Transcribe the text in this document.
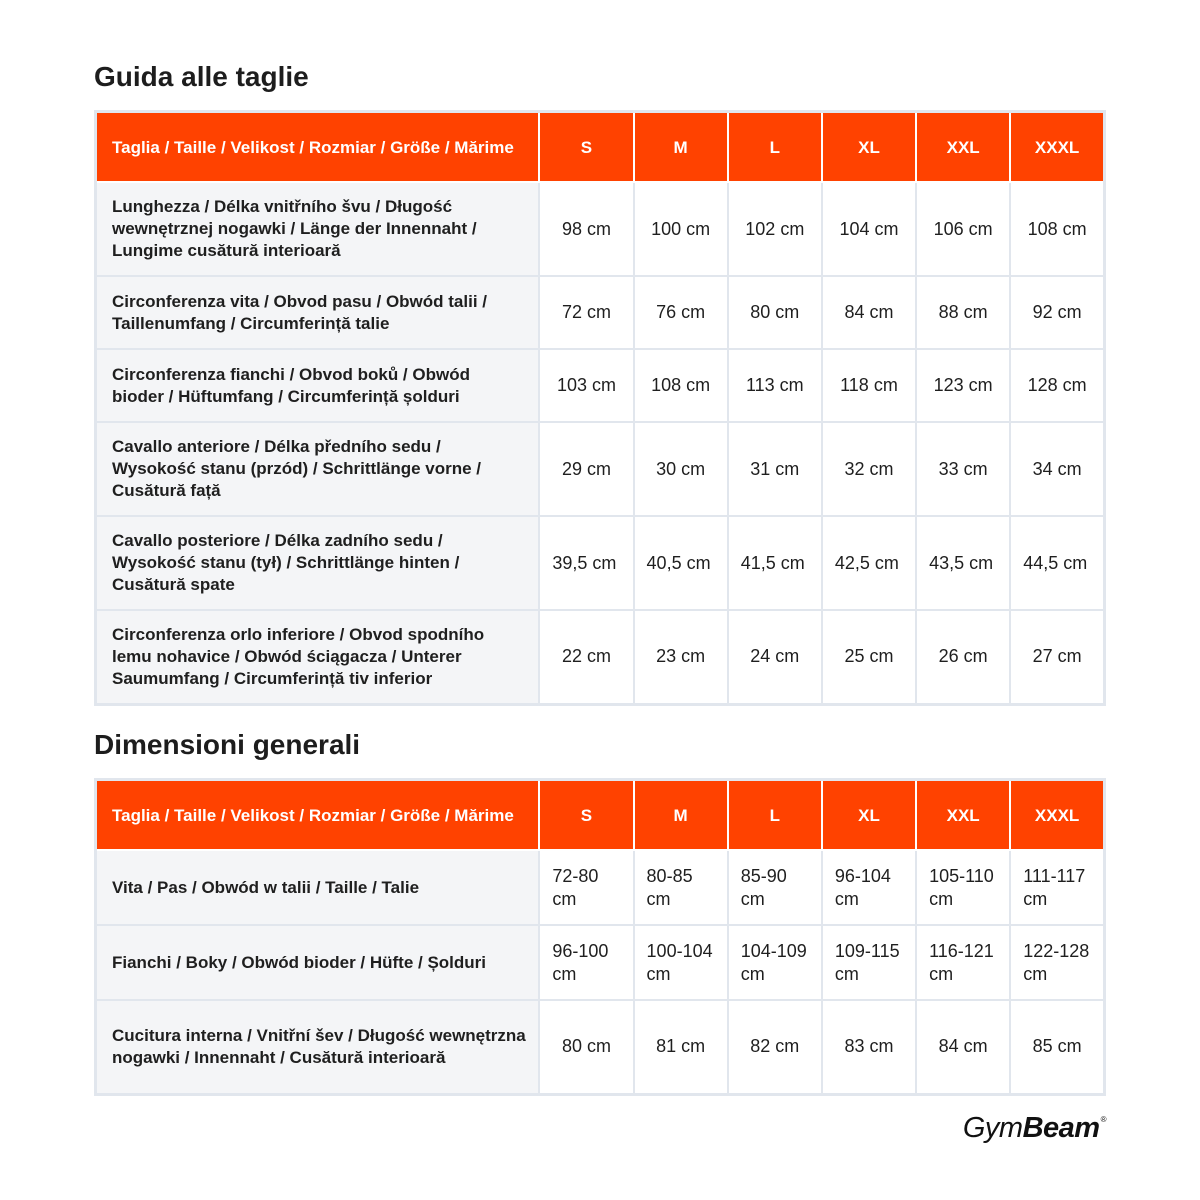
Guida alle taglie
Taglia / Taille / Velikost / Rozmiar / Größe / Mărime	S	M	L	XL	XXL	XXXL
Lunghezza / Délka vnitřního švu / Długość wewnętrznej nogawki / Länge der Innennaht / Lungime cusătură interioară	98 cm	100 cm	102 cm	104 cm	106 cm	108 cm
Circonferenza vita / Obvod pasu / Obwód talii / Taillenumfang / Circumferință talie	72 cm	76 cm	80 cm	84 cm	88 cm	92 cm
Circonferenza fianchi / Obvod boků / Obwód bioder / Hüftumfang / Circumferință șolduri	103 cm	108 cm	113 cm	118 cm	123 cm	128 cm
Cavallo anteriore / Délka předního sedu / Wysokość stanu (przód) / Schrittlänge vorne / Cusătură față	29 cm	30 cm	31 cm	32 cm	33 cm	34 cm
Cavallo posteriore / Délka zadního sedu / Wysokość stanu (tył) / Schrittlänge hinten / Cusătură spate	39,5 cm	40,5 cm	41,5 cm	42,5 cm	43,5 cm	44,5 cm
Circonferenza orlo inferiore / Obvod spodního lemu nohavice / Obwód ściągacza / Unterer Saumumfang / Circumferință tiv inferior	22 cm	23 cm	24 cm	25 cm	26 cm	27 cm
Dimensioni generali
Taglia / Taille / Velikost / Rozmiar / Größe / Mărime	S	M	L	XL	XXL	XXXL
Vita / Pas / Obwód w talii / Taille / Talie	72-80 cm	80-85 cm	85-90 cm	96-104 cm	105-110 cm	111-117 cm
Fianchi / Boky / Obwód bioder / Hüfte / Șolduri	96-100 cm	100-104 cm	104-109 cm	109-115 cm	116-121 cm	122-128 cm
Cucitura interna / Vnitřní šev / Długość wewnętrzna nogawki / Innennaht / Cusătură interioară	80 cm	81 cm	82 cm	83 cm	84 cm	85 cm
GymBeam®
